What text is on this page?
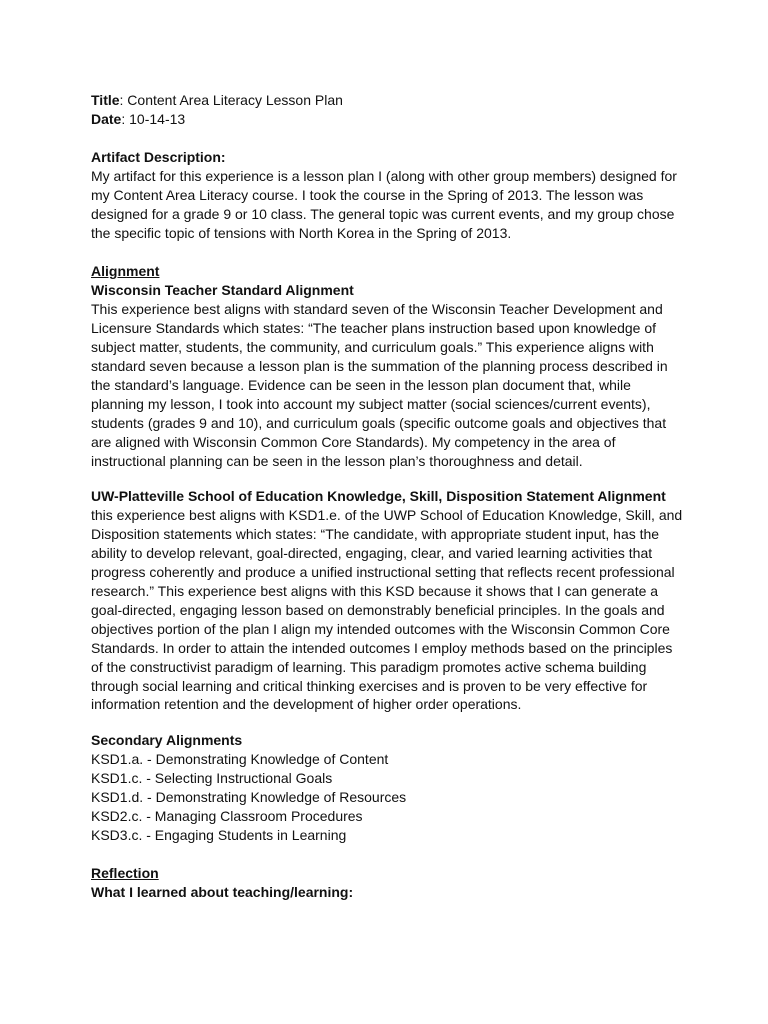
Title: Content Area Literacy Lesson Plan
Date: 10-14-13
Artifact Description:
My artifact for this experience is a lesson plan I (along with other group members) designed for
my Content Area Literacy course. I took the course in the Spring of 2013. The lesson was
designed for a grade 9 or 10 class. The general topic was current events, and my group chose
the specific topic of tensions with North Korea in the Spring of 2013.
Alignment
Wisconsin Teacher Standard Alignment
This experience best aligns with standard seven of the Wisconsin Teacher Development and
Licensure Standards which states: “The teacher plans instruction based upon knowledge of
subject matter, students, the community, and curriculum goals.” This experience aligns with
standard seven because a lesson plan is the summation of the planning process described in
the standard’s language. Evidence can be seen in the lesson plan document that, while
planning my lesson, I took into account my subject matter (social sciences/current events),
students (grades 9 and 10), and curriculum goals (specific outcome goals and objectives that
are aligned with Wisconsin Common Core Standards). My competency in the area of
instructional planning can be seen in the lesson plan’s thoroughness and detail.
UW-Platteville School of Education Knowledge, Skill, Disposition Statement Alignment
this experience best aligns with KSD1.e. of the UWP School of Education Knowledge, Skill, and
Disposition statements which states: “The candidate, with appropriate student input, has the
ability to develop relevant, goal-directed, engaging, clear, and varied learning activities that
progress coherently and produce a unified instructional setting that reflects recent professional
research.” This experience best aligns with this KSD because it shows that I can generate a
goal-directed, engaging lesson based on demonstrably beneficial principles. In the goals and
objectives portion of the plan I align my intended outcomes with the Wisconsin Common Core
Standards. In order to attain the intended outcomes I employ methods based on the principles
of the constructivist paradigm of learning. This paradigm promotes active schema building
through social learning and critical thinking exercises and is proven to be very effective for
information retention and the development of higher order operations.
Secondary Alignments
KSD1.a. - Demonstrating Knowledge of Content
KSD1.c. - Selecting Instructional Goals
KSD1.d. - Demonstrating Knowledge of Resources
KSD2.c. - Managing Classroom Procedures
KSD3.c. - Engaging Students in Learning
Reflection
What I learned about teaching/learning:
